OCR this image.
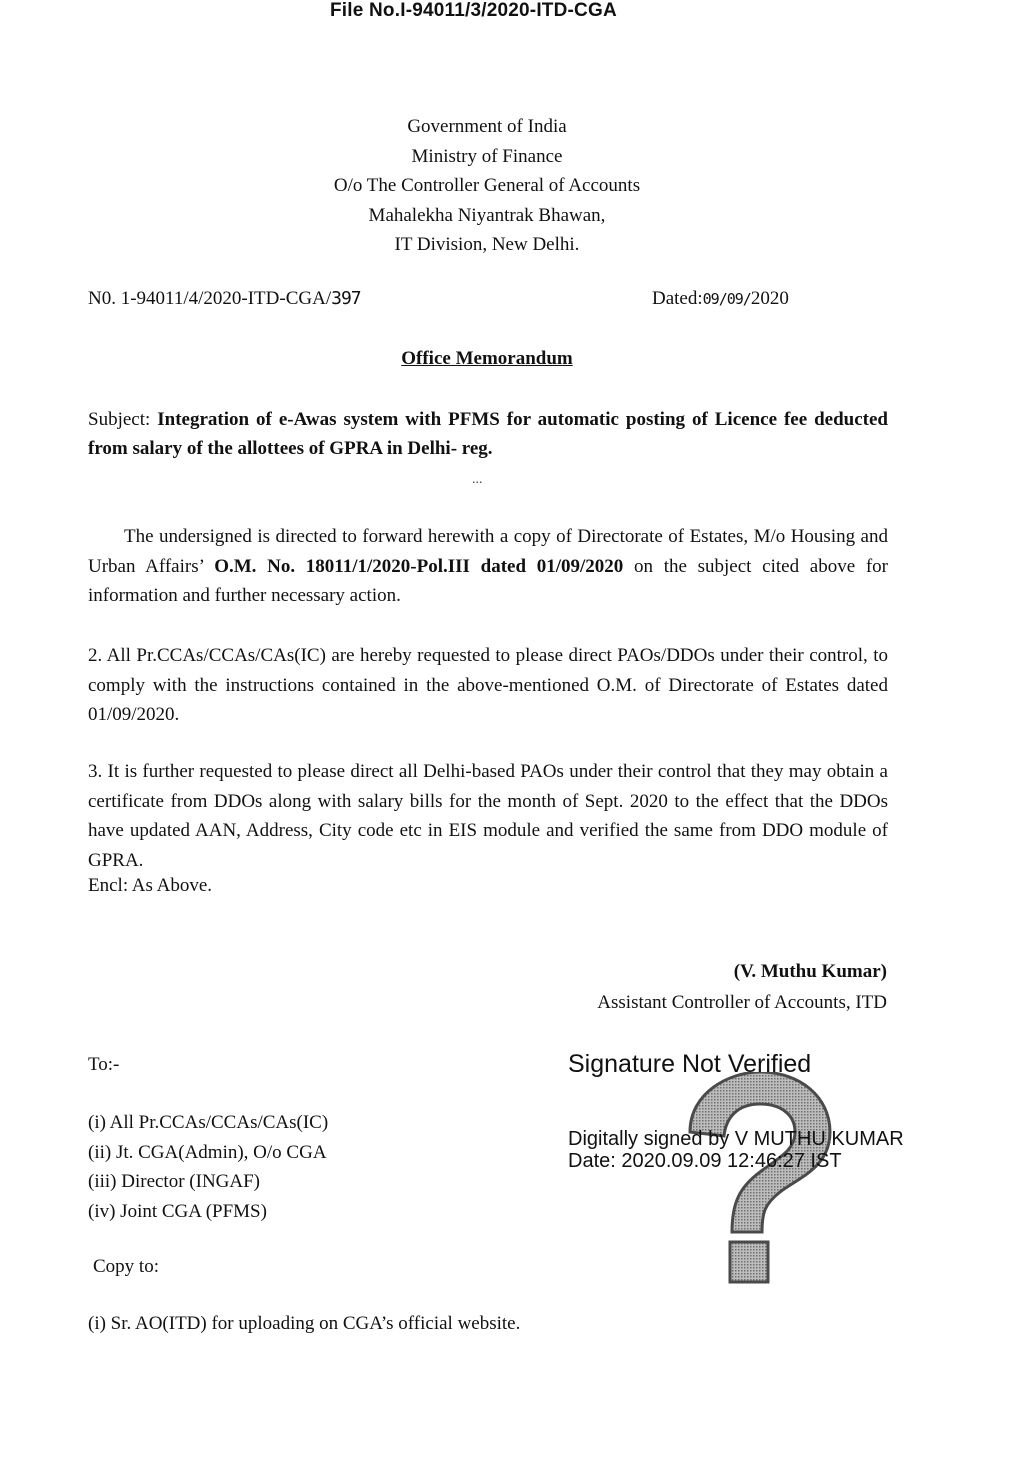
File No.I-94011/3/2020-ITD-CGA
Government of India
Ministry of Finance
O/o The Controller General of Accounts
Mahalekha Niyantrak Bhawan,
IT Division, New Delhi.
N0. 1-94011/4/2020-ITD-CGA/397	Dated:09/09/2020
Office Memorandum
Subject: Integration of e-Awas system with PFMS for automatic posting of Licence fee deducted from salary of the allottees of GPRA in Delhi- reg.
...
The undersigned is directed to forward herewith a copy of Directorate of Estates, M/o Housing and Urban Affairs’ O.M. No. 18011/1/2020-Pol.III dated 01/09/2020 on the subject cited above for information and further necessary action.
2. All Pr.CCAs/CCAs/CAs(IC) are hereby requested to please direct PAOs/DDOs under their control, to comply with the instructions contained in the above-mentioned O.M. of Directorate of Estates dated 01/09/2020.
3. It is further requested to please direct all Delhi-based PAOs under their control that they may obtain a certificate from DDOs along with salary bills for the month of Sept. 2020 to the effect that the DDOs have updated AAN, Address, City code etc in EIS module and verified the same from DDO module of GPRA.
Encl: As Above.
(V. Muthu Kumar)
Assistant Controller of Accounts, ITD
To:-
(i) All Pr.CCAs/CCAs/CAs(IC)
(ii) Jt. CGA(Admin), O/o CGA
(iii) Director (INGAF)
(iv) Joint CGA (PFMS)
Copy to:
(i) Sr. AO(ITD) for uploading on CGA’s official website.
Signature Not Verified
Digitally signed by V MUTHU KUMAR
Date: 2020.09.09 12:46:27 IST
